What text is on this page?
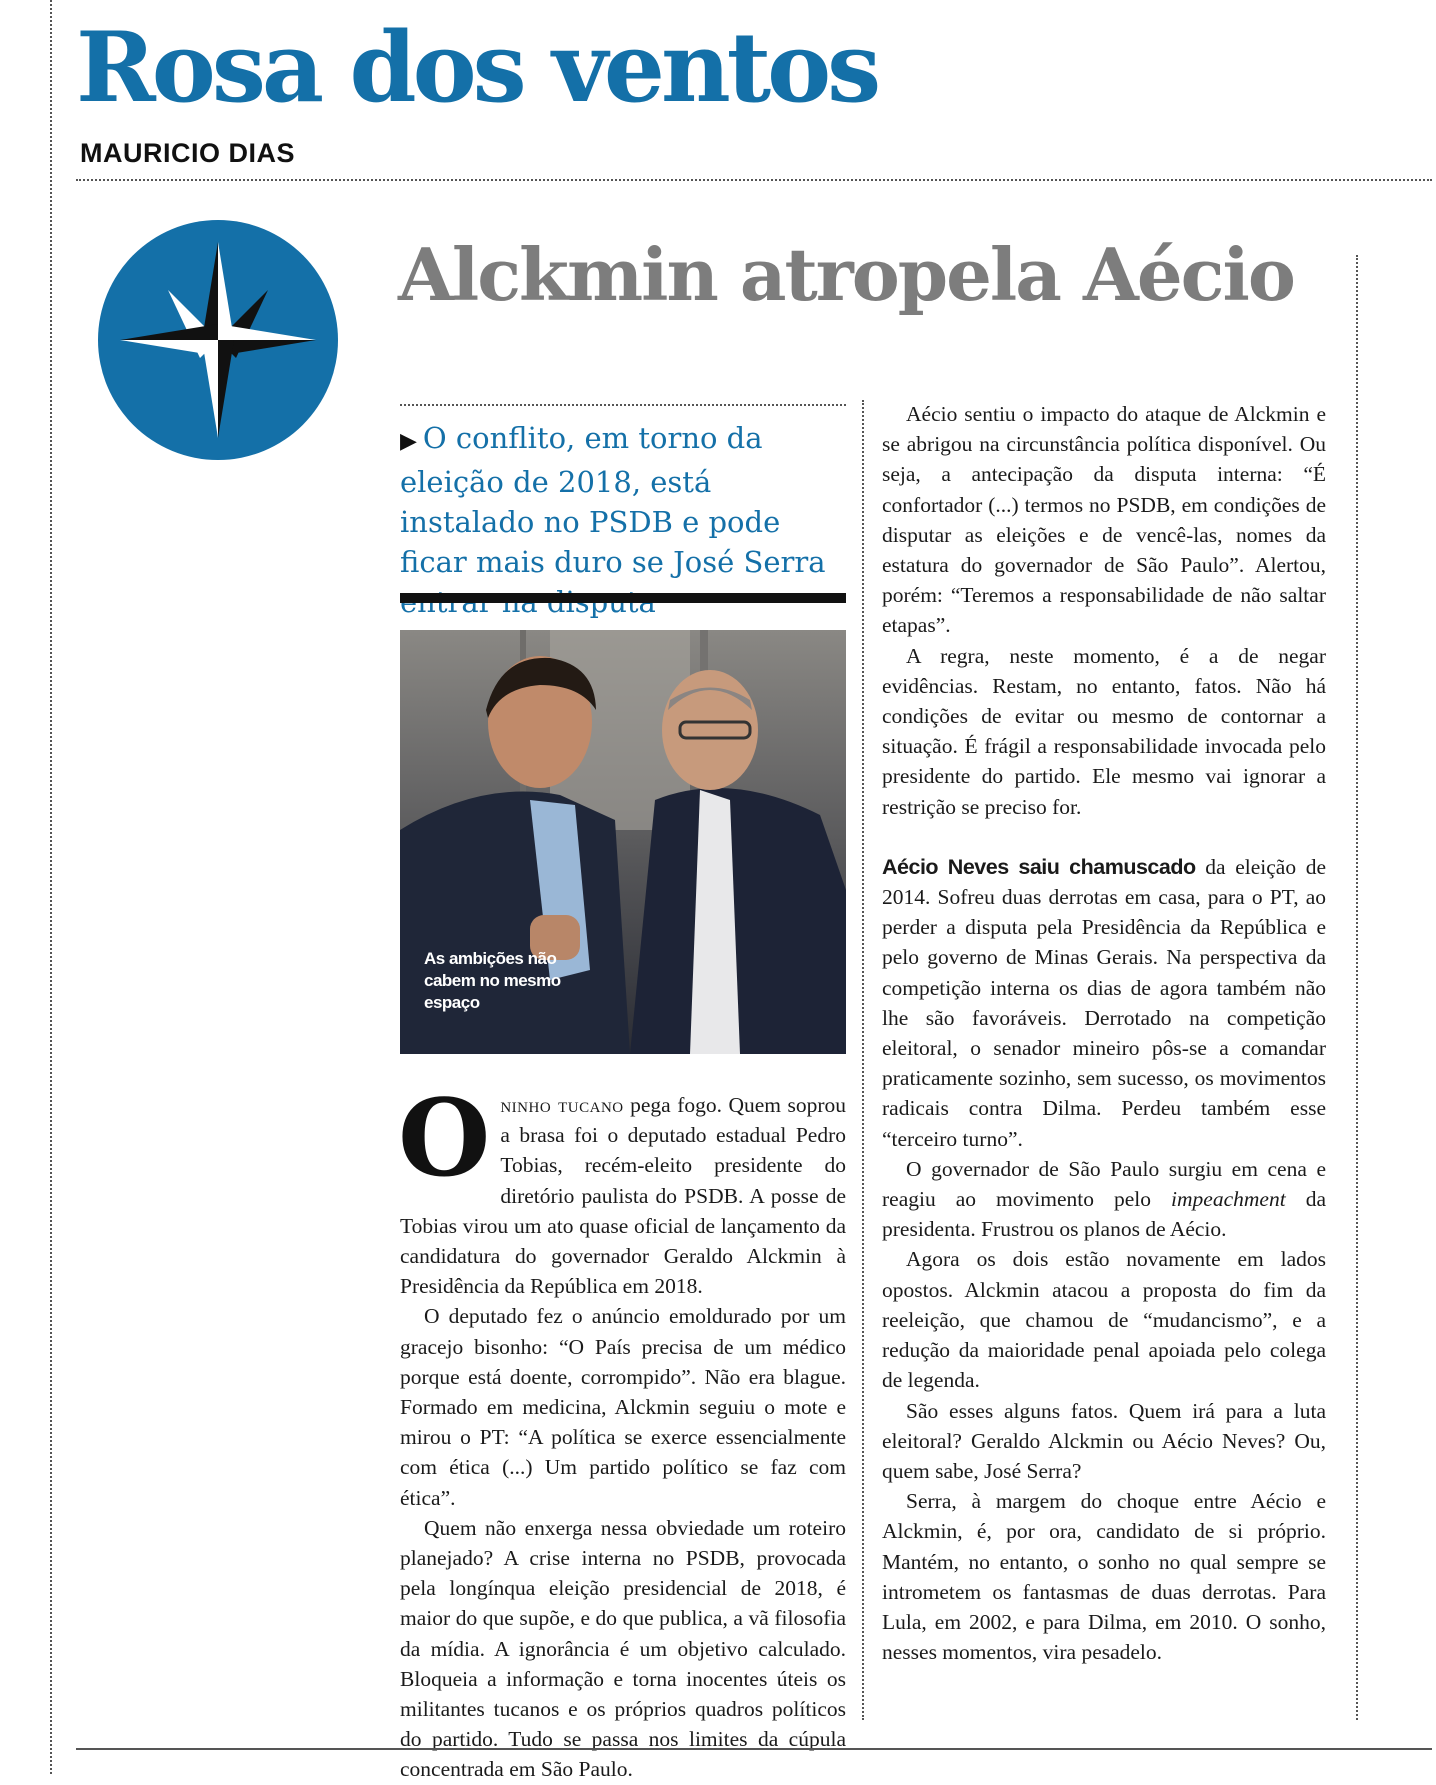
Rosa dos ventos
MAURICIO DIAS
Alckmin atropela Aécio

▶ O conflito, em torno da eleição de 2018, está instalado no PSDB e pode ficar mais duro se José Serra

As ambições não cabem no mesmo espaço

Oninho tucano pega fogo. Quem soprou a brasa foi o deputado estadual Pedro Tobias, recém-eleito presidente do diretório paulista do PSDB. A posse de Tobias virou um ato quase oficial de lançamento da candidatura do governador Geraldo Alckmin à Presidência da República em 2018.

O deputado fez o anúncio emoldurado por um gracejo bisonho: “O País precisa de um médico porque está doente, corrompido”. Não era blague. Formado em medicina, Alckmin seguiu o mote e mirou o PT: “A política se exerce essencialmente com ética (...) Um partido político se faz com ética”.

Quem não enxerga nessa obviedade um roteiro planejado? A crise interna no PSDB, provocada pela longínqua eleição presidencial de 2018, é maior do que supõe, e do que publica, a vã filosofia da mídia. A ignorância é um objetivo calculado. Bloqueia a informação e torna inocentes úteis os militantes tucanos e os próprios quadros políticos do partido. Tudo se passa nos limites da cúpula concentrada em São Paulo.

Aécio sentiu o impacto do ataque de Alckmin e se abrigou na circunstância política disponível. Ou seja, a antecipação da disputa interna: “É confortador (...) termos no PSDB, em condições de disputar as eleições e de vencê-las, nomes da estatura do governador de São Paulo”. Alertou, porém: “Teremos a responsabilidade de não saltar etapas”.

A regra, neste momento, é a de negar evidências. Restam, no entanto, fatos. Não há condições de evitar ou mesmo de contornar a situação. É frágil a responsabilidade invocada pelo presidente do partido. Ele mesmo vai ignorar a restrição se preciso for.

Aécio Neves saiu chamuscado da eleição de 2014. Sofreu duas derrotas em casa, para o PT, ao perder a disputa pela Presidência da República e pelo governo de Minas Gerais. Na perspectiva da competição interna os dias de agora também não lhe são favoráveis. Derrotado na competição eleitoral, o senador mineiro pôs-se a comandar praticamente sozinho, sem sucesso, os movimentos radicais contra Dilma. Perdeu também esse “terceiro turno”.

O governador de São Paulo surgiu em cena e reagiu ao movimento pelo impeachment da presidenta. Frustrou os planos de Aécio.

Agora os dois estão novamente em lados opostos. Alckmin atacou a proposta do fim da reeleição, que chamou de “mudancismo”, e a redução da maioridade penal apoiada pelo colega de legenda.

São esses alguns fatos. Quem irá para a luta eleitoral? Geraldo Alckmin ou Aécio Neves? Ou, quem sabe, José Serra?

Serra, à margem do choque entre Aécio e Alckmin, é, por ora, candidato de si próprio. Mantém, no entanto, o sonho no qual sempre se intrometem os fantasmas de duas derrotas. Para Lula, em 2002, e para Dilma, em 2010. O sonho, nesses momentos, vira pesadelo.
